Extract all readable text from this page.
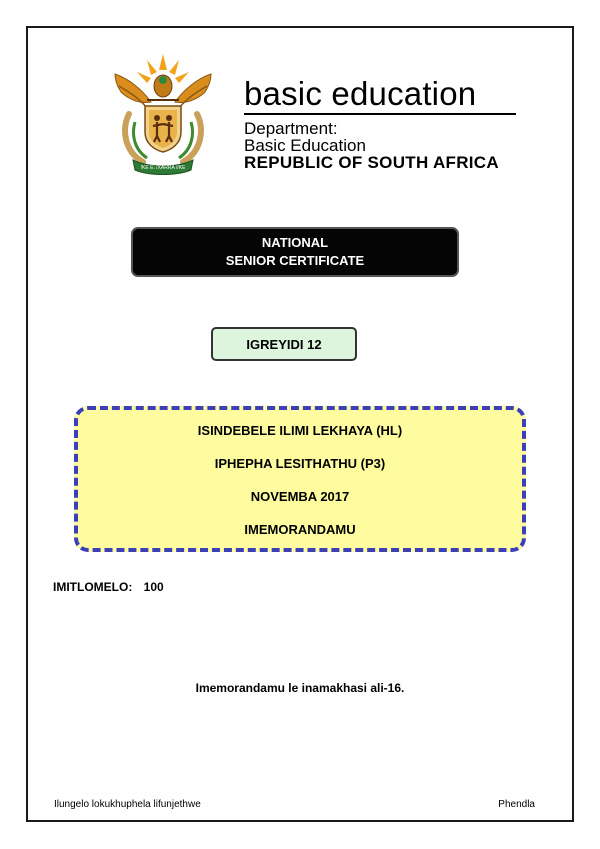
!KE E: /XARRA //KE
basic education
Department:
Basic Education
REPUBLIC OF SOUTH AFRICA
NATIONAL
SENIOR CERTIFICATE
IGREYIDI 12
ISINDEBELE ILIMI LEKHAYA (HL)
IPHEPHA LESITHATHU (P3)
NOVEMBA 2017
IMEMORANDAMU
IMITLOMELO: 100
Imemorandamu le inamakhasi ali-16.
Ilungelo lokukhuphela lifunjethwe	Phendla
